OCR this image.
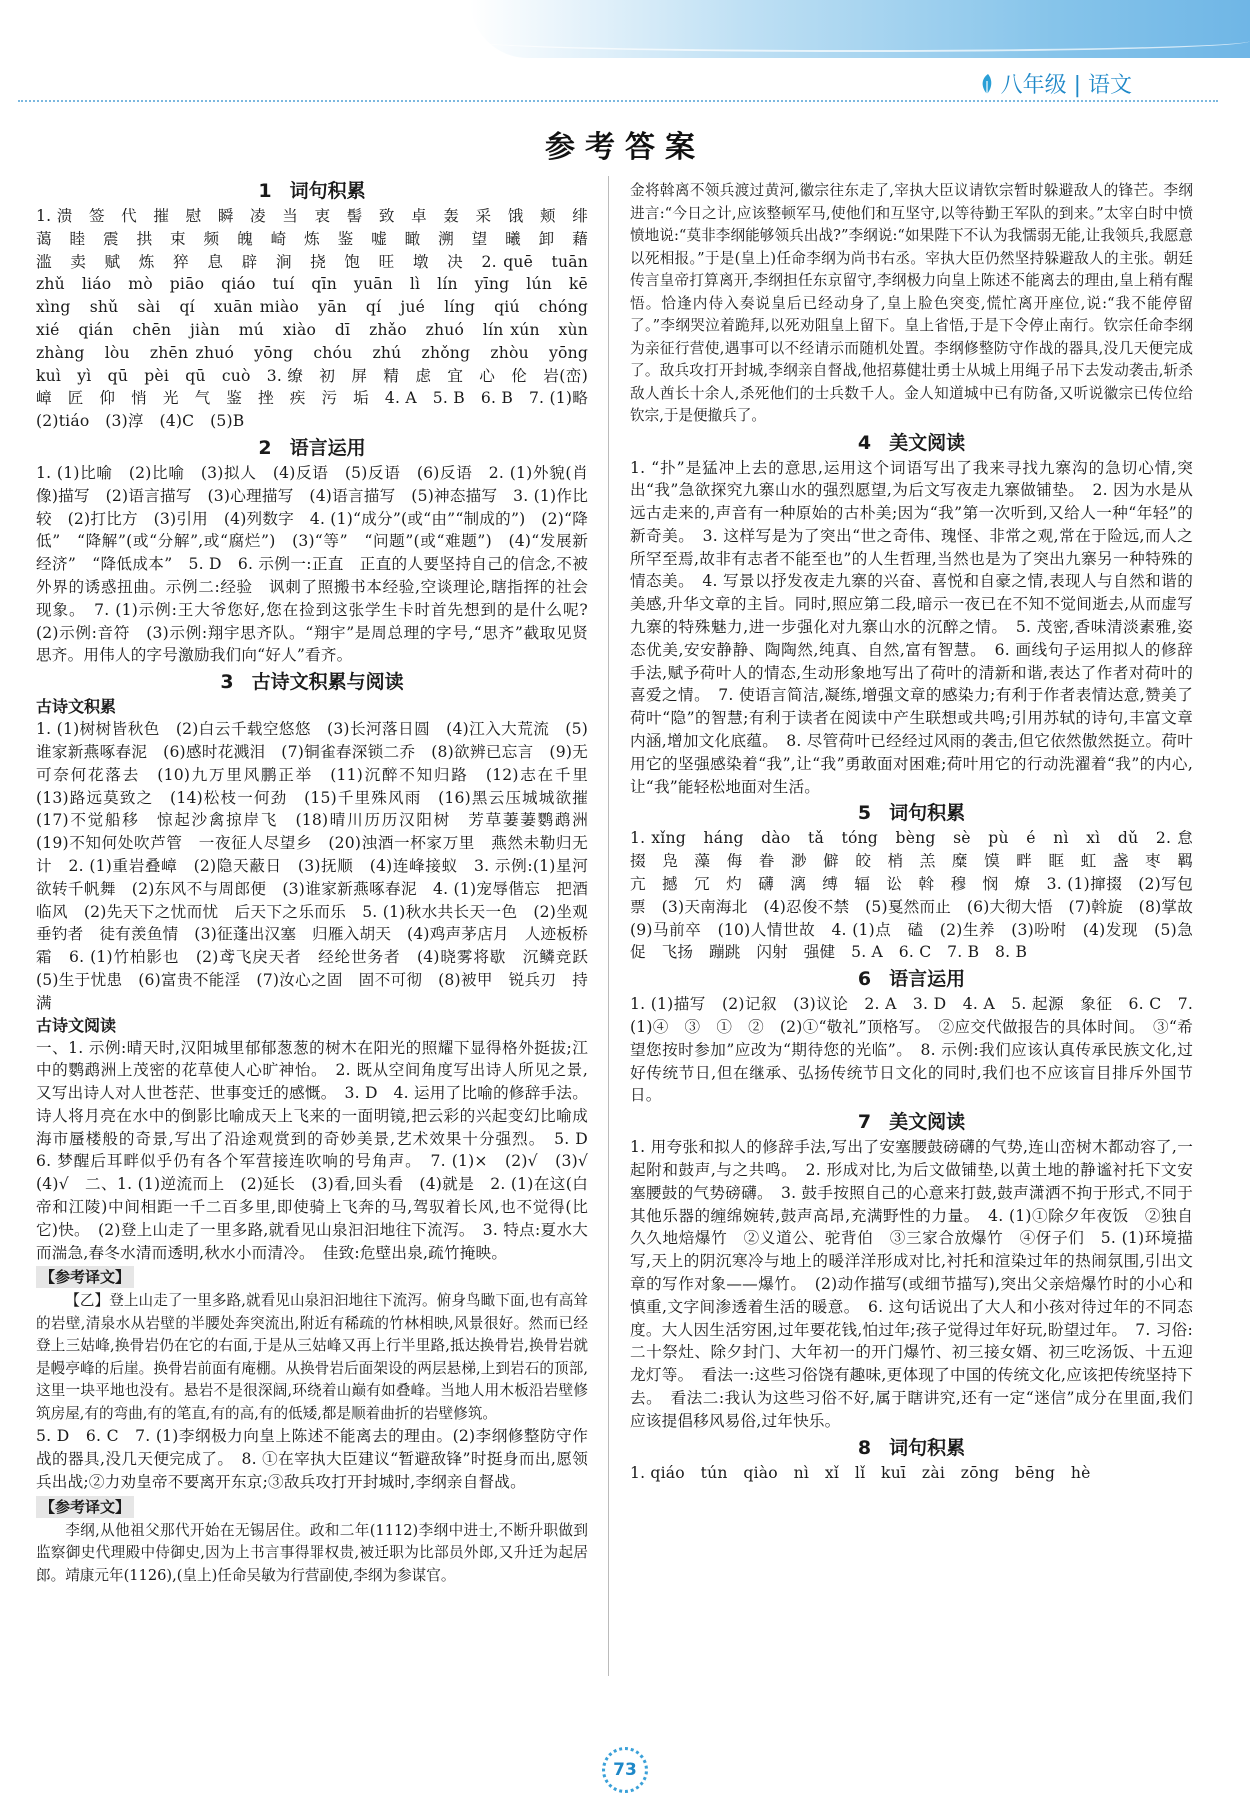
八年级 | 语文
参考答案
1 词句积累

1. 溃　签　代　摧　慰　瞬　凌　当　衷　髻　致　卓　轰　采　饿　颊　绯　蔼　睦　震　拱　束　频　魄　崎　炼　鉴　嘘　瞰　溯　望　曦　卸　藉　滥　卖　赋　炼　猝　息　辟　涧　挠　饱　旺　墩　决　2. quē　tuān　zhǔ　liáo　mò　piāo　qiáo　tuí　qīn　yuān　lì　lín　yīng　lún　kē　xìng　shǔ　sài　qí　xuān miào　yān　qí　jué　líng　qiú　chóng　xié　qián　chēn　jiàn　mú　xiào　dī　zhǎo　zhuó　lín xún　xùn　zhàng　lòu　zhēn zhuó　yōng　chóu　zhú　zhǒng　zhòu　yōng　kuì　yì　qū　pèi　qū　cuò　3. 缭　初　屏　精　虑　宜　心　伦　岩(峦)　嶂　匠　仰　悄　光　气　鉴　挫　疾　污　垢　4. A　5. B　6. B　7. (1)略　(2)tiáo　(3)淳　(4)C　(5)B

2 语言运用

1. (1)比喻　(2)比喻　(3)拟人　(4)反语　(5)反语　(6)反语　2. (1)外貌(肖像)描写　(2)语言描写　(3)心理描写　(4)语言描写　(5)神态描写　3. (1)作比较　(2)打比方　(3)引用　(4)列数字　4. (1)“成分”(或“由”“制成的”)　(2)“降低”　“降解”(或“分解”,或“腐烂”)　(3)“等”　“问题”(或“难题”)　(4)“发展新经济”　“降低成本”　5. D　6. 示例一:正直　正直的人要坚持自己的信念,不被外界的诱惑扭曲。示例二:经验　讽刺了照搬书本经验,空谈理论,瞎指挥的社会现象。　7. (1)示例:王大爷您好,您在捡到这张学生卡时首先想到的是什么呢?　(2)示例:音符　(3)示例:翔宇思齐队。“翔宇”是周总理的字号,“思齐”截取见贤思齐。用伟人的字号激励我们向“好人”看齐。

3 古诗文积累与阅读
古诗文积累

1. (1)树树皆秋色　(2)白云千载空悠悠　(3)长河落日圆　(4)江入大荒流　(5)谁家新燕啄春泥　(6)感时花溅泪　(7)铜雀春深锁二乔　(8)欲辨已忘言　(9)无可奈何花落去　(10)九万里风鹏正举　(11)沉醉不知归路　(12)志在千里　(13)路远莫致之　(14)松枝一何劲　(15)千里殊风雨　(16)黑云压城城欲摧　(17)不觉船移　惊起沙禽掠岸飞　(18)晴川历历汉阳树　芳草萋萋鹦鹉洲　(19)不知何处吹芦管　一夜征人尽望乡　(20)浊酒一杯家万里　燕然未勒归无计　2. (1)重岩叠嶂　(2)隐天蔽日　(3)抚顺　(4)连峰接蚁　3. 示例:(1)星河欲转千帆舞　(2)东风不与周郎便　(3)谁家新燕啄春泥　4. (1)宠辱偕忘　把酒临风　(2)先天下之忧而忧　后天下之乐而乐　5. (1)秋水共长天一色　(2)坐观垂钓者　徒有羡鱼情　(3)征蓬出汉塞　归雁入胡天　(4)鸡声茅店月　人迹板桥霜　6. (1)竹柏影也　(2)鸢飞戾天者　经纶世务者　(4)晓雾将歇　沉鳞竞跃　(5)生于忧患　(6)富贵不能淫　(7)汝心之固　固不可彻　(8)被甲　锐兵刃　持满

古诗文阅读

一、1. 示例:晴天时,汉阳城里郁郁葱葱的树木在阳光的照耀下显得格外挺拔;江中的鹦鹉洲上茂密的花草使人心旷神怡。　2. 既从空间角度写出诗人所见之景,又写出诗人对人世苍茫、世事变迁的感慨。　3. D　4. 运用了比喻的修辞手法。诗人将月亮在水中的倒影比喻成天上飞来的一面明镜,把云彩的兴起变幻比喻成海市蜃楼般的奇景,写出了沿途观赏到的奇妙美景,艺术效果十分强烈。　5. D　6. 梦醒后耳畔似乎仍有各个军营接连吹响的号角声。　7. (1)×　(2)√　(3)√　(4)√　二、1. (1)逆流而上　(2)延长　(3)看,回头看　(4)就是　2. (1)在这(白帝和江陵)中间相距一千二百多里,即使骑上飞奔的马,驾驭着长风,也不觉得(比它)快。　(2)登上山走了一里多路,就看见山泉汩汩地往下流泻。　3. 特点:夏水大而湍急,春冬水清而透明,秋水小而清冷。　佳致:危壁出泉,疏竹掩映。

【参考译文】

【乙】登上山走了一里多路,就看见山泉汩汩地往下流泻。俯身鸟瞰下面,也有高耸的岩壁,清泉水从岩壁的半腰处奔突流出,附近有稀疏的竹林相映,风景很好。然而已经登上三姑峰,换骨岩仍在它的右面,于是从三姑峰又再上行半里路,抵达换骨岩,换骨岩就是幔亭峰的后崖。换骨岩前面有庵棚。从换骨岩后面架设的两层悬梯,上到岩石的顶部,这里一块平地也没有。悬岩不是很深阔,环绕着山巅有如叠峰。当地人用木板沿岩壁修筑房屋,有的弯曲,有的笔直,有的高,有的低矮,都是顺着曲折的岩壁修筑。

5. D　6. C　7. (1)李纲极力向皇上陈述不能离去的理由。(2)李纲修整防守作战的器具,没几天便完成了。　8. ①在宰执大臣建议“暂避敌锋”时挺身而出,愿领兵出战;②力劝皇帝不要离开东京;③敌兵攻打开封城时,李纲亲自督战。

【参考译文】

李纲,从他祖父那代开始在无锡居住。政和二年(1112)李纲中进士,不断升职做到监察御史代理殿中侍御史,因为上书言事得罪权贵,被迁职为比部员外郎,又升迁为起居郎。靖康元年(1126),(皇上)任命吴敏为行营副使,李纲为参谋官。

金将斡离不领兵渡过黄河,徽宗往东走了,宰执大臣议请钦宗暂时躲避敌人的锋芒。李纲进言:“今日之计,应该整顿军马,使他们和互坚守,以等待勤王军队的到来。”太宰白时中愤愤地说:“莫非李纲能够领兵出战?”李纲说:“如果陛下不认为我懦弱无能,让我领兵,我愿意以死相报。”于是(皇上)任命李纲为尚书右丞。宰执大臣仍然坚持躲避敌人的主张。朝廷传言皇帝打算离开,李纲担任东京留守,李纲极力向皇上陈述不能离去的理由,皇上稍有醒悟。恰逢内侍入奏说皇后已经动身了,皇上脸色突变,慌忙离开座位,说:“我不能停留了。”李纲哭泣着跪拜,以死劝阻皇上留下。皇上省悟,于是下令停止南行。钦宗任命李纲为亲征行营使,遇事可以不经请示而随机处置。李纲修整防守作战的器具,没几天便完成了。敌兵攻打开封城,李纲亲自督战,他招募健壮勇士从城上用绳子吊下去发动袭击,斩杀敌人酋长十余人,杀死他们的士兵数千人。金人知道城中已有防备,又听说徽宗已传位给钦宗,于是便撤兵了。

4 美文阅读

1. “扑”是猛冲上去的意思,运用这个词语写出了我来寻找九寨沟的急切心情,突出“我”急欲探究九寨山水的强烈愿望,为后文写夜走九寨做铺垫。　2. 因为水是从远古走来的,声音有一种原始的古朴美;因为“我”第一次听到,又给人一种“年轻”的新奇美。　3. 这样写是为了突出“世之奇伟、瑰怪、非常之观,常在于险远,而人之所罕至焉,故非有志者不能至也”的人生哲理,当然也是为了突出九寨另一种特殊的情态美。　4. 写景以抒发夜走九寨的兴奋、喜悦和自豪之情,表现人与自然和谐的美感,升华文章的主旨。同时,照应第二段,暗示一夜已在不知不觉间逝去,从而虚写九寨的特殊魅力,进一步强化对九寨山水的沉醉之情。　5. 茂密,香味清淡素雅,姿态优美,安安静静、陶陶然,纯真、自然,富有智慧。　6. 画线句子运用拟人的修辞手法,赋予荷叶人的情态,生动形象地写出了荷叶的清新和谐,表达了作者对荷叶的喜爱之情。　7. 使语言简洁,凝练,增强文章的感染力;有利于作者表情达意,赞美了荷叶“隐”的智慧;有利于读者在阅读中产生联想或共鸣;引用苏轼的诗句,丰富文章内涵,增加文化底蕴。　8. 尽管荷叶已经经过风雨的袭击,但它依然傲然挺立。荷叶用它的坚强感染着“我”,让“我”勇敢面对困难;荷叶用它的行动洗濯着“我”的内心,让“我”能轻松地面对生活。

5 词句积累

1. xǐng　háng　dào　tǎ　tóng　bèng　sè　pù　é　nì　xì　dǔ　2. 怠　掇　凫　藻　侮　眷　渺　僻　皎　梢　羔　糜　馍　畔　眶　虹　盏　枣　羁　亢　撼　冗　灼　礴　漓　缚　辐　讼　斡　穆　悯　燎　3. (1)撺掇　(2)写包票　(3)天南海北　(4)忍俊不禁　(5)戛然而止　(6)大彻大悟　(7)斡旋　(8)掌故　(9)马前卒　(10)人情世故　4. (1)点　磕　(2)生养　(3)吩咐　(4)发现　(5)急促　飞扬　蹦跳　闪射　强健　5. A　6. C　7. B　8. B

6 语言运用

1. (1)描写　(2)记叙　(3)议论　2. A　3. D　4. A　5. 起源　象征　6. C　7. (1)④　③　①　②　(2)①“敬礼”顶格写。　②应交代做报告的具体时间。　③“希望您按时参加”应改为“期待您的光临”。　8. 示例:我们应该认真传承民族文化,过好传统节日,但在继承、弘扬传统节日文化的同时,我们也不应该盲目排斥外国节日。

7 美文阅读

1. 用夸张和拟人的修辞手法,写出了安塞腰鼓磅礴的气势,连山峦树木都动容了,一起附和鼓声,与之共鸣。　2. 形成对比,为后文做铺垫,以黄土地的静谧衬托下文安塞腰鼓的气势磅礴。　3. 鼓手按照自己的心意来打鼓,鼓声潇洒不拘于形式,不同于其他乐器的缠绵婉转,鼓声高昂,充满野性的力量。　4. (1)①除夕年夜饭　②独自久久地焙爆竹　②义道公、驼背伯　③三家合放爆竹　④伢子们　5. (1)环境描写,天上的阴沉寒冷与地上的暖洋洋形成对比,衬托和渲染过年的热闹氛围,引出文章的写作对象——爆竹。　(2)动作描写(或细节描写),突出父亲焙爆竹时的小心和慎重,文字间渗透着生活的暖意。　6. 这句话说出了大人和小孩对待过年的不同态度。大人因生活穷困,过年要花钱,怕过年;孩子觉得过年好玩,盼望过年。　7. 习俗:二十祭灶、除夕封门、大年初一的开门爆竹、初三接女婿、初三吃汤饭、十五迎龙灯等。　看法一:这些习俗饶有趣味,更体现了中国的传统文化,应该把传统坚持下去。　看法二:我认为这些习俗不好,属于瞎讲究,还有一定“迷信”成分在里面,我们应该提倡移风易俗,过年快乐。

8 词句积累

1. qiáo　tún　qiào　nì　xǐ　lǐ　kuī　zài　zōng　bēng　hè

73
